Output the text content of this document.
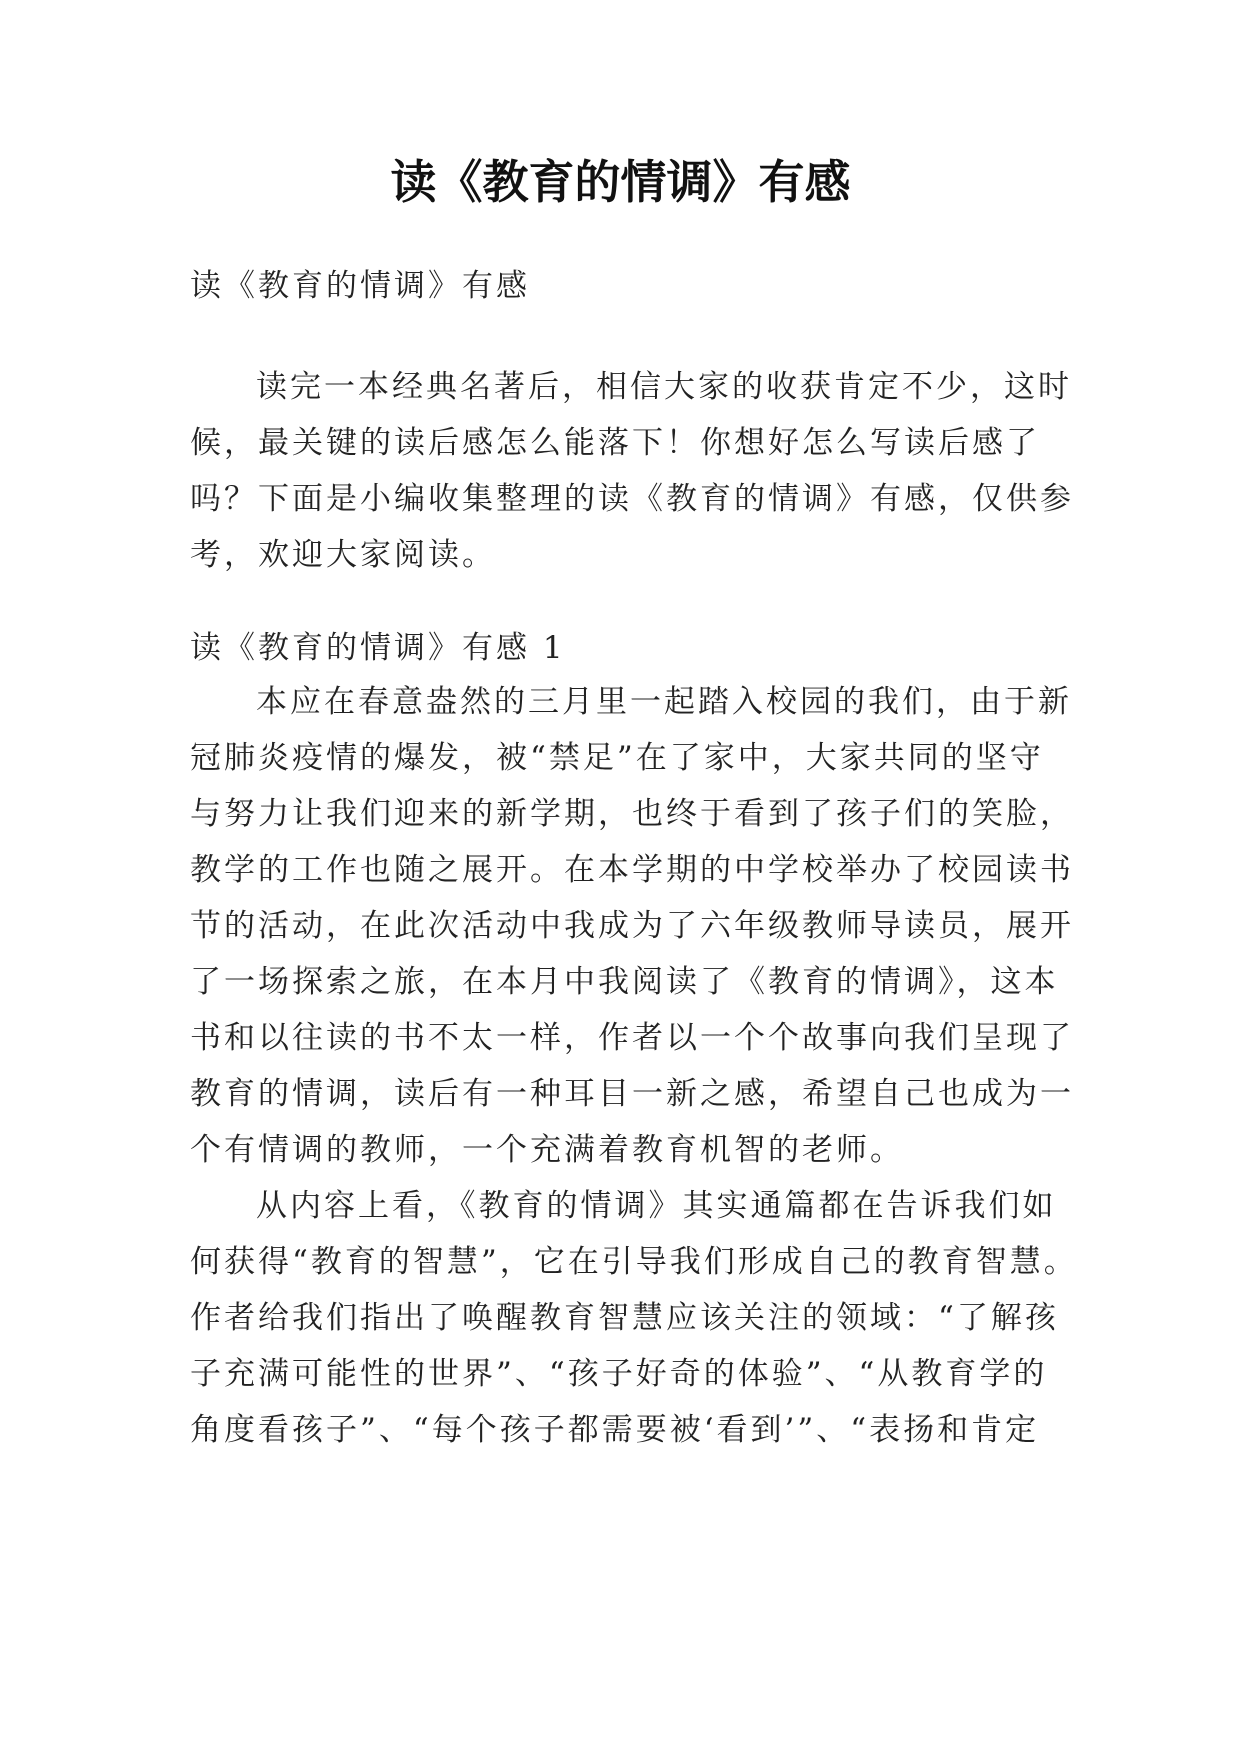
读《教育的情调》有感
读《教育的情调》有感
读完一本经典名著后，相信大家的收获肯定不少，这时
候，最关键的读后感怎么能落下！你想好怎么写读后感了
吗？下面是小编收集整理的读《教育的情调》有感，仅供参
考，欢迎大家阅读。
读《教育的情调》有感 1
本应在春意盎然的三月里一起踏入校园的我们，由于新
冠肺炎疫情的爆发，被“禁足”在了家中，大家共同的坚守
与努力让我们迎来的新学期，也终于看到了孩子们的笑脸，
教学的工作也随之展开。在本学期的中学校举办了校园读书
节的活动，在此次活动中我成为了六年级教师导读员，展开
了一场探索之旅，在本月中我阅读了《教育的情调》，这本
书和以往读的书不太一样，作者以一个个故事向我们呈现了
教育的情调，读后有一种耳目一新之感，希望自己也成为一
个有情调的教师，一个充满着教育机智的老师。
从内容上看，《教育的情调》其实通篇都在告诉我们如
何获得“教育的智慧”，它在引导我们形成自己的教育智慧。
作者给我们指出了唤醒教育智慧应该关注的领域：“了解孩
子充满可能性的世界”、“孩子好奇的体验”、“从教育学的
角度看孩子”、“每个孩子都需要被‘看到’”、“表扬和肯定
